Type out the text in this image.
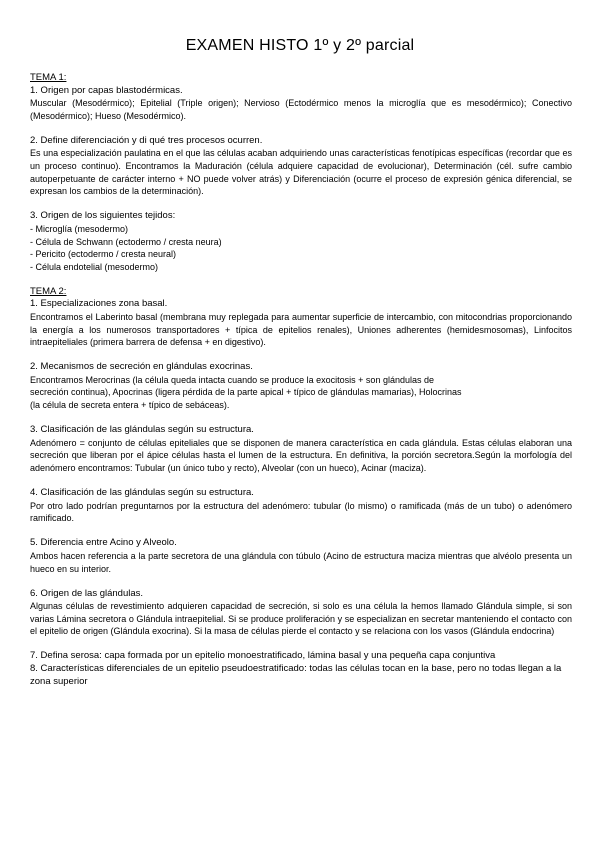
EXAMEN HISTO 1º y 2º parcial

TEMA 1:

1. Origen por capas blastodérmicas.

Muscular (Mesodérmico); Epitelial (Triple origen); Nervioso (Ectodérmico menos la microglía que es mesodérmico); Conectivo (Mesodérmico); Hueso (Mesodérmico).

2. Define diferenciación y di qué tres procesos ocurren.

Es una especialización paulatina en el que las células acaban adquiriendo unas características fenotípicas específicas (recordar que es un proceso continuo). Encontramos la Maduración (célula adquiere capacidad de evolucionar), Determinación (cél. sufre cambio autoperpetuante de carácter interno + NO puede volver atrás) y Diferenciación (ocurre el proceso de expresión génica diferencial, se expresan los cambios de la determinación).

3. Origen de los siguientes tejidos:

- Microglía (mesodermo)

- Célula de Schwann (ectodermo / cresta neura)

- Pericito (ectodermo / cresta neural)

- Célula endotelial (mesodermo)

TEMA 2:

1. Especializaciones zona basal.

Encontramos el Laberinto basal (membrana muy replegada para aumentar superficie de intercambio, con mitocondrias proporcionando la energía a los numerosos transportadores + típica de epitelios renales), Uniones adherentes (hemidesmosomas), Linfocitos intraepiteliales (primera barrera de defensa + en digestivo).

2. Mecanismos de secreción en glándulas exocrinas.

Encontramos Merocrinas (la célula queda intacta cuando se produce la exocitosis + son glándulas de

secreción continua), Apocrinas (ligera pérdida de la parte apical + típico de glándulas mamarias), Holocrinas

(la célula de secreta entera + típico de sebáceas).

3. Clasificación de las glándulas según su estructura.

Adenómero = conjunto de células epiteliales que se disponen de manera característica en cada glándula. Estas células elaboran una secreción que liberan por el ápice células hasta el lumen de la estructura. En definitiva, la porción secretora.Según la morfología del adenómero encontramos: Tubular (un único tubo y recto), Alveolar (con un hueco), Acinar (maciza).

4. Clasificación de las glándulas según su estructura.

Por otro lado podrían preguntarnos por la estructura del adenómero: tubular (lo mismo) o ramificada (más de un tubo) o adenómero ramificado.

5. Diferencia entre Acino y Alveolo.

Ambos hacen referencia a la parte secretora de una glándula con túbulo (Acino de estructura maciza mientras que alvéolo presenta un hueco en su interior.

6. Origen de las glándulas.

Algunas células de revestimiento adquieren capacidad de secreción, si solo es una célula la hemos llamado Glándula simple, si son varias Lámina secretora o Glándula intraepitelial. Si se produce proliferación y se especializan en secretar manteniendo el contacto con el epitelio de origen (Glándula exocrina). Si la masa de células pierde el contacto y se relaciona con los vasos (Glándula endocrina)

7. Defina serosa: capa formada por un epitelio monoestratificado, lámina basal y una pequeña capa conjuntiva

8. Características diferenciales de un epitelio pseudoestratificado: todas las células tocan en la base, pero no todas llegan a la zona superior
